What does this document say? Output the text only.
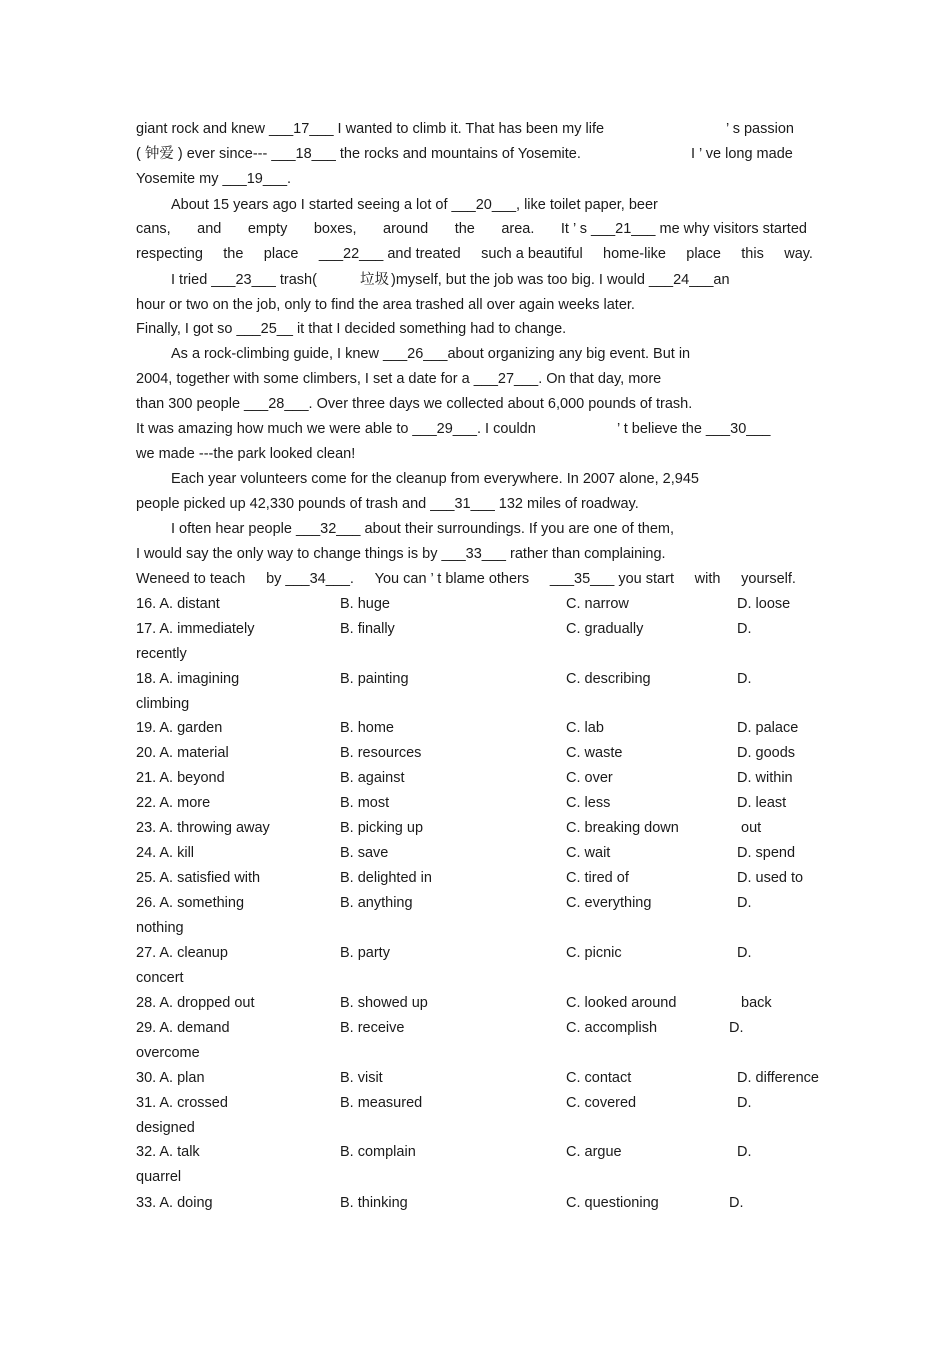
giant rock and knew ___17___ I wanted to climb it. That has been my life	’ s passion
( 钟爱 ) ever since--- ___18___ the rocks and mountains of Yosemite.	I ’ ve long made
Yosemite my ___19___.
About 15 years ago I started seeing a lot of ___20___, like toilet paper, beer
cans, and empty boxes, around the area. It ’ s ___21___ me why visitors started
respecting the place ___22___ and treated such a beautiful home-like place this way.
I tried ___23___ trash(	垃圾 )myself, but the job was too big. I would ___24___an
hour or two on the job, only to find the area trashed all over again weeks later.
Finally, I got so ___25__ it that I decided something had to change.
As a rock-climbing guide, I knew ___26___about organizing any big event. But in
2004, together with some climbers, I set a date for a ___27___. On that day, more
than 300 people ___28___. Over three days we collected about 6,000 pounds of trash.
It was amazing how much we were able to ___29___. I couldn	’ t believe the ___30___
we made ---the park looked clean!
Each year volunteers come for the cleanup from everywhere. In 2007 alone, 2,945
people picked up 42,330 pounds of trash and ___31___ 132 miles of roadway.
I often hear people ___32___ about their surroundings. If you are one of them,
I would say the only way to change things is by ___33___ rather than complaining.
Weneed to teach by ___34___. You can ’ t blame others ___35___ you start with yourself.
16. A. distant	B. huge	C. narrow	D. loose
17. A. immediately	B. finally	C. gradually	D.
recently
18. A. imagining	B. painting	C. describing	D.
climbing
19. A. garden	B. home	C. lab	D. palace
20. A. material	B. resources	C. waste	D. goods
21. A. beyond	B. against	C. over	D. within
22. A. more	B. most	C. less	D. least
23. A. throwing away	B. picking up	C. breaking down	out
24. A. kill	B. save	C. wait	D. spend
25. A. satisfied with	B. delighted in	C. tired of	D. used to
26. A. something	B. anything	C. everything	D.
nothing
27. A. cleanup	B. party	C. picnic	D.
concert
28. A. dropped out	B. showed up	C. looked around	back
29. A. demand	B. receive	C. accomplish	D.
overcome
30. A. plan	B. visit	C. contact	D. difference
31. A. crossed	B. measured	C. covered	D.
designed
32. A. talk	B. complain	C. argue	D.
quarrel
33. A. doing	B. thinking	C. questioning	D.
